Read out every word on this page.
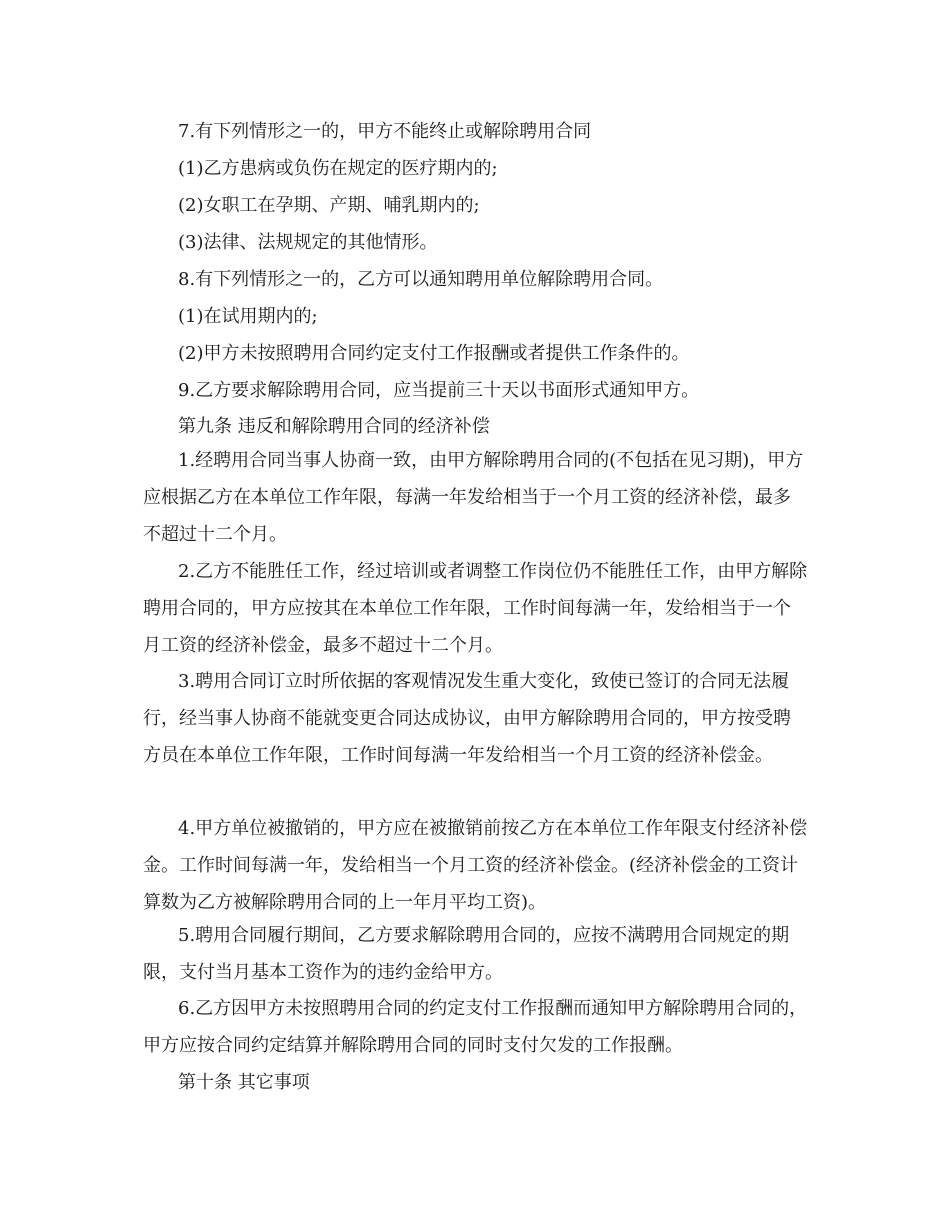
7.有下列情形之一的，甲方不能终止或解除聘用合同
(1)乙方患病或负伤在规定的医疗期内的;
(2)女职工在孕期、产期、哺乳期内的;
(3)法律、法规规定的其他情形。
8.有下列情形之一的，乙方可以通知聘用单位解除聘用合同。
(1)在试用期内的;
(2)甲方未按照聘用合同约定支付工作报酬或者提供工作条件的。
9.乙方要求解除聘用合同，应当提前三十天以书面形式通知甲方。
第九条 违反和解除聘用合同的经济补偿
1.经聘用合同当事人协商一致，由甲方解除聘用合同的(不包括在见习期)，甲方应根据乙方在本单位工作年限，每满一年发给相当于一个月工资的经济补偿，最多不超过十二个月。
2.乙方不能胜任工作，经过培训或者调整工作岗位仍不能胜任工作，由甲方解除聘用合同的，甲方应按其在本单位工作年限，工作时间每满一年，发给相当于一个月工资的经济补偿金，最多不超过十二个月。
3.聘用合同订立时所依据的客观情况发生重大变化，致使已签订的合同无法履行，经当事人协商不能就变更合同达成协议，由甲方解除聘用合同的，甲方按受聘方员在本单位工作年限，工作时间每满一年发给相当一个月工资的经济补偿金。
4.甲方单位被撤销的，甲方应在被撤销前按乙方在本单位工作年限支付经济补偿金。工作时间每满一年，发给相当一个月工资的经济补偿金。(经济补偿金的工资计算数为乙方被解除聘用合同的上一年月平均工资)。
5.聘用合同履行期间，乙方要求解除聘用合同的，应按不满聘用合同规定的期限，支付当月基本工资作为的违约金给甲方。
6.乙方因甲方未按照聘用合同的约定支付工作报酬而通知甲方解除聘用合同的，甲方应按合同约定结算并解除聘用合同的同时支付欠发的工作报酬。
第十条 其它事项
